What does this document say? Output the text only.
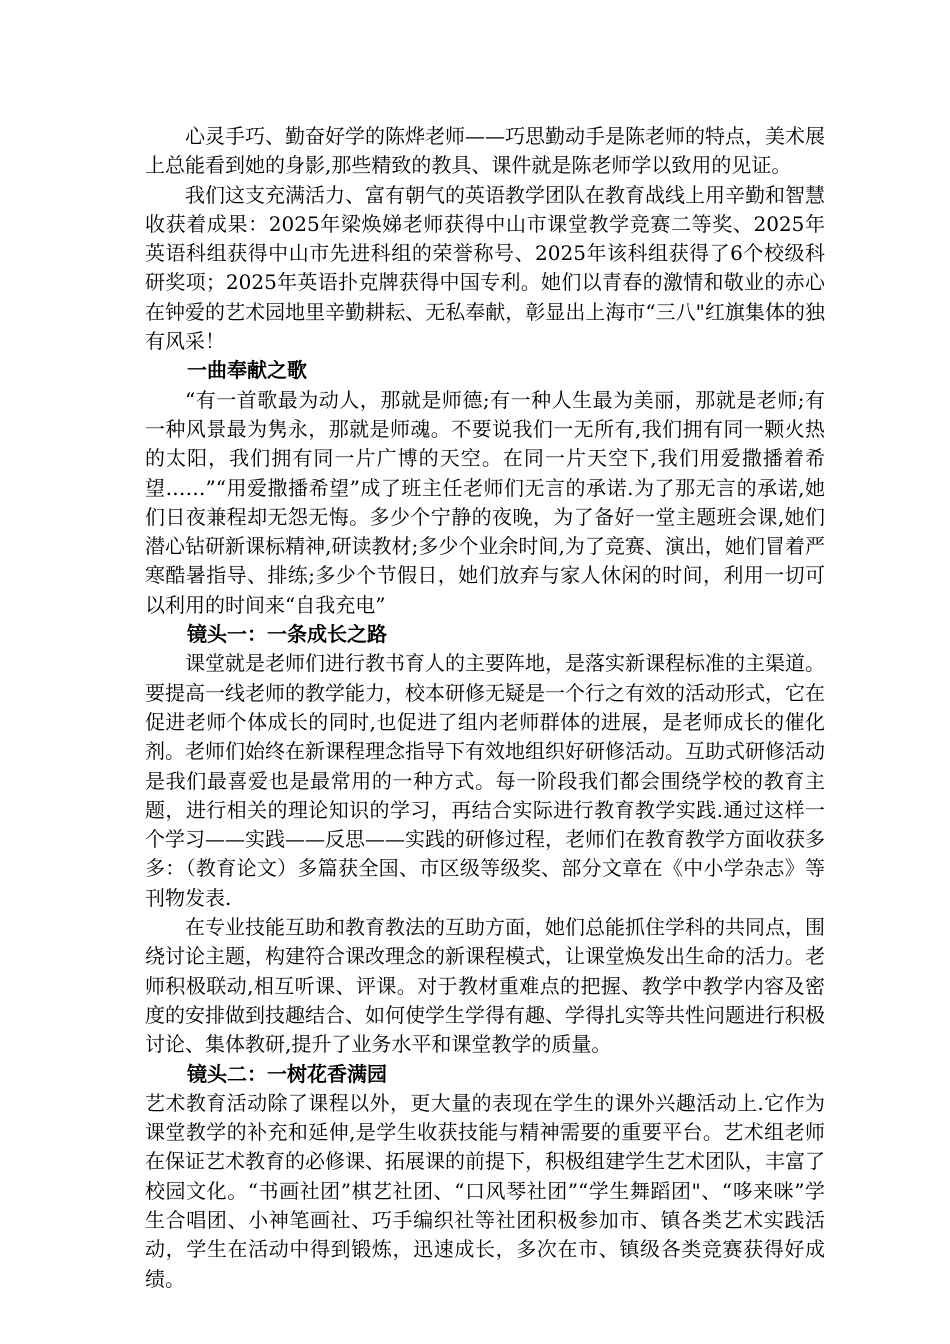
心灵手巧、勤奋好学的陈烨老师——巧思勤动手是陈老师的特点，美术展上总能看到她的身影,那些精致的教具、课件就是陈老师学以致用的见证。

我们这支充满活力、富有朝气的英语教学团队在教育战线上用辛勤和智慧收获着成果：2025年梁焕娣老师获得中山市课堂教学竞赛二等奖、2025年英语科组获得中山市先进科组的荣誉称号、2025年该科组获得了6个校级科研奖项；2025年英语扑克牌获得中国专利。她们以青春的激情和敬业的赤心在钟爱的艺术园地里辛勤耕耘、无私奉献，彰显出上海市“三八"红旗集体的独有风采！

一曲奉献之歌

“有一首歌最为动人，那就是师德;有一种人生最为美丽，那就是老师;有一种风景最为隽永，那就是师魂。不要说我们一无所有,我们拥有同一颗火热的太阳，我们拥有同一片广博的天空。在同一片天空下,我们用爱撒播着希望……”“用爱撒播希望”成了班主任老师们无言的承诺.为了那无言的承诺,她们日夜兼程却无怨无悔。多少个宁静的夜晚，为了备好一堂主题班会课,她们潜心钻研新课标精神,研读教材;多少个业余时间,为了竞赛、演出，她们冒着严寒酷暑指导、排练;多少个节假日，她们放弃与家人休闲的时间，利用一切可以利用的时间来“自我充电”

镜头一：一条成长之路

课堂就是老师们进行教书育人的主要阵地，是落实新课程标准的主渠道。要提高一线老师的教学能力，校本研修无疑是一个行之有效的活动形式，它在促进老师个体成长的同时,也促进了组内老师群体的进展，是老师成长的催化剂。老师们始终在新课程理念指导下有效地组织好研修活动。互助式研修活动是我们最喜爱也是最常用的一种方式。每一阶段我们都会围绕学校的教育主题，进行相关的理论知识的学习，再结合实际进行教育教学实践.通过这样一个学习——实践——反思——实践的研修过程，老师们在教育教学方面收获多多：（教育论文）多篇获全国、市区级等级奖、部分文章在《中小学杂志》等刊物发表.

在专业技能互助和教育教法的互助方面，她们总能抓住学科的共同点，围绕讨论主题，构建符合课改理念的新课程模式，让课堂焕发出生命的活力。老师积极联动,相互听课、评课。对于教材重难点的把握、教学中教学内容及密度的安排做到技趣结合、如何使学生学得有趣、学得扎实等共性问题进行积极讨论、集体教研,提升了业务水平和课堂教学的质量。

镜头二：一树花香满园

艺术教育活动除了课程以外，更大量的表现在学生的课外兴趣活动上.它作为课堂教学的补充和延伸,是学生收获技能与精神需要的重要平台。艺术组老师在保证艺术教育的必修课、拓展课的前提下，积极组建学生艺术团队，丰富了校园文化。“书画社团”棋艺社团、“口风琴社团”“学生舞蹈团"、“哆来咪”学生合唱团、小神笔画社、巧手编织社等社团积极参加市、镇各类艺术实践活动，学生在活动中得到锻炼，迅速成长，多次在市、镇级各类竞赛获得好成绩。
